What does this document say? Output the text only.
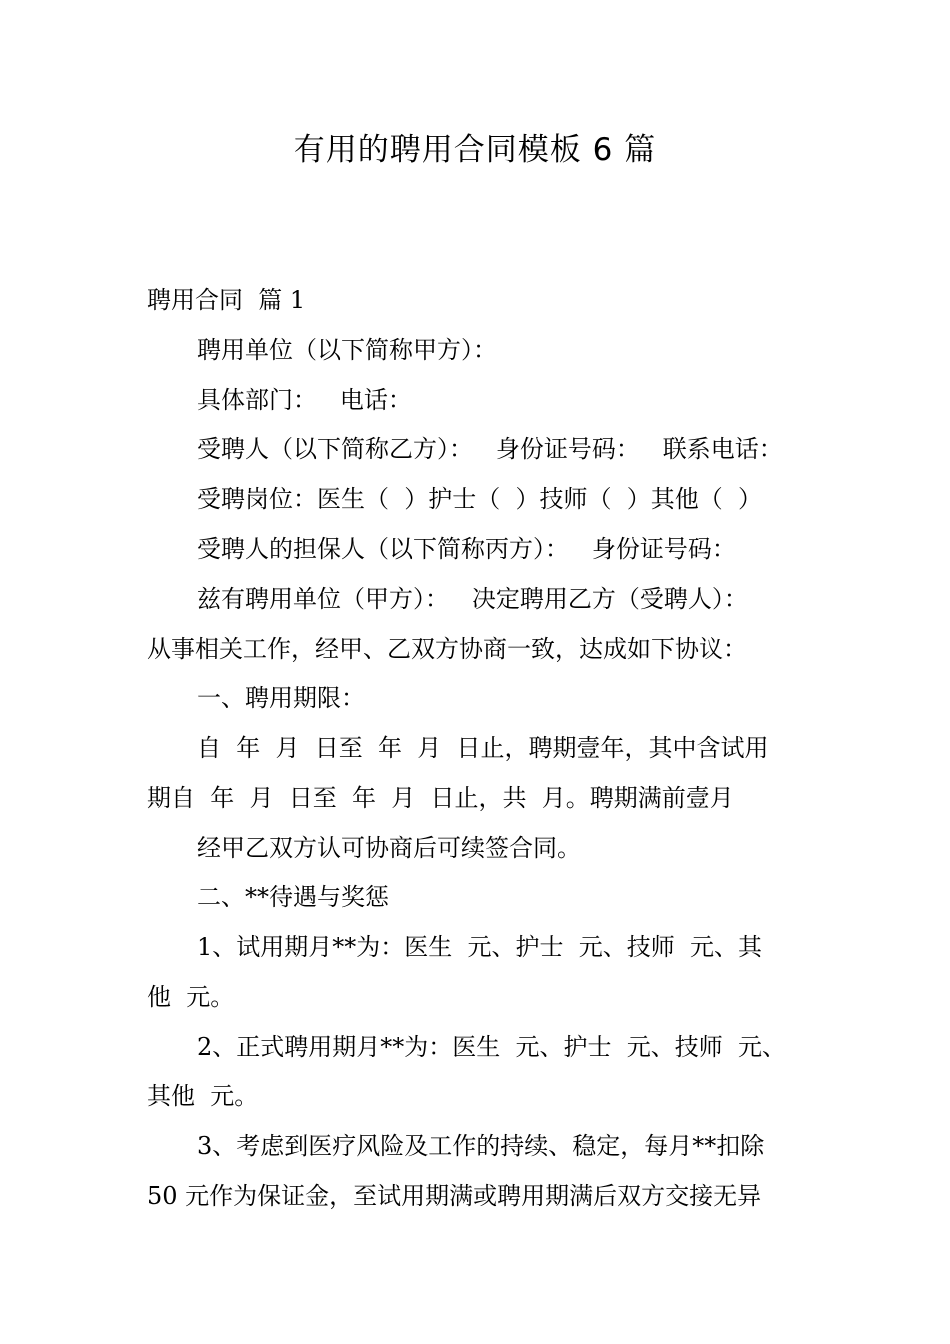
有用的聘用合同模板 6 篇
聘用合同  篇 1
聘用单位（以下简称甲方）：
具体部门：   电话：
受聘人（以下简称乙方）：   身份证号码：   联系电话：
受聘岗位：医生（  ）护士（  ）技师（  ）其他（  ）
受聘人的担保人（以下简称丙方）：   身份证号码：
兹有聘用单位（甲方）：   决定聘用乙方（受聘人）：
从事相关工作，经甲、乙双方协商一致，达成如下协议：
一、聘用期限：
自  年  月  日至  年  月  日止，聘期壹年，其中含试用
期自  年  月  日至  年  月  日止，共  月。聘期满前壹月
经甲乙双方认可协商后可续签合同。
二、**待遇与奖惩
1、试用期月**为：医生  元、护士  元、技师  元、其
他  元。
2、正式聘用期月**为：医生  元、护士  元、技师  元、
其他  元。
3、考虑到医疗风险及工作的持续、稳定，每月**扣除
50 元作为保证金，至试用期满或聘用期满后双方交接无异
